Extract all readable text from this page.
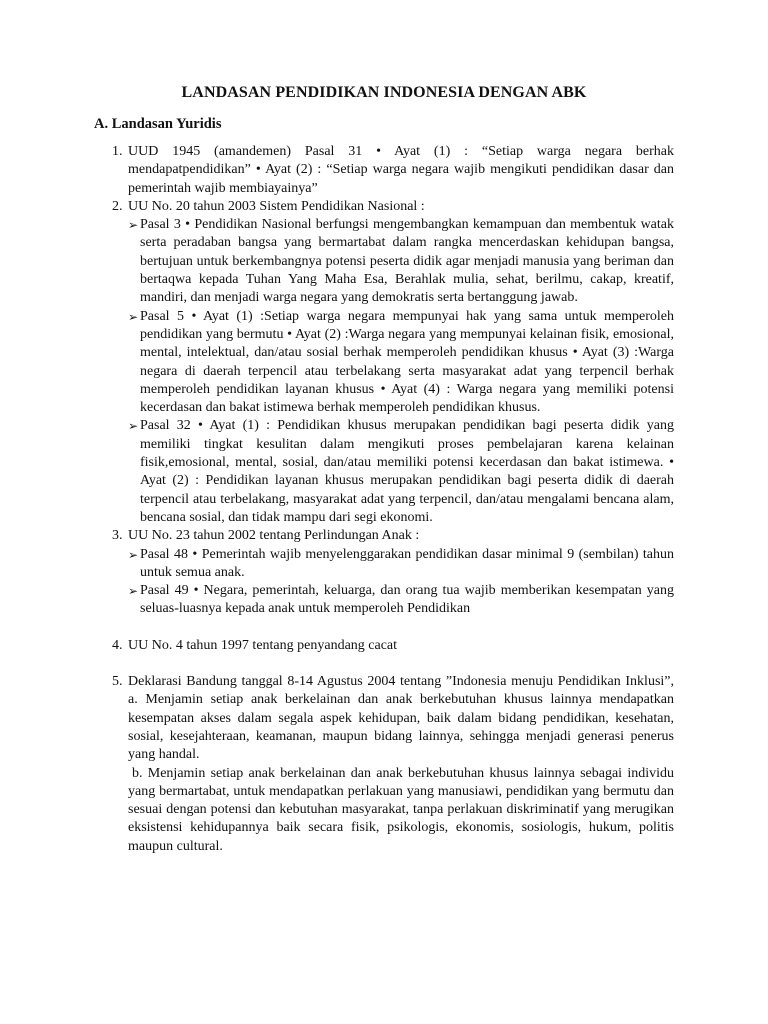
LANDASAN PENDIDIKAN INDONESIA DENGAN ABK
A. Landasan Yuridis
1. UUD 1945 (amandemen) Pasal 31 • Ayat (1) : “Setiap warga negara berhak mendapatpendidikan” • Ayat (2) : “Setiap warga negara wajib mengikuti pendidikan dasar dan pemerintah wajib membiayainya”
2. UU No. 20 tahun 2003 Sistem Pendidikan Nasional :
➢ Pasal 3 • Pendidikan Nasional berfungsi mengembangkan kemampuan dan membentuk watak serta peradaban bangsa yang bermartabat dalam rangka mencerdaskan kehidupan bangsa, bertujuan untuk berkembangnya potensi peserta didik agar menjadi manusia yang beriman dan bertaqwa kepada Tuhan Yang Maha Esa, Berahlak mulia, sehat, berilmu, cakap, kreatif, mandiri, dan menjadi warga negara yang demokratis serta bertanggung jawab.
➢ Pasal 5 • Ayat (1) :Setiap warga negara mempunyai hak yang sama untuk memperoleh pendidikan yang bermutu • Ayat (2) :Warga negara yang mempunyai kelainan fisik, emosional, mental, intelektual, dan/atau sosial berhak memperoleh pendidikan khusus • Ayat (3) :Warga negara di daerah terpencil atau terbelakang serta masyarakat adat yang terpencil berhak memperoleh pendidikan layanan khusus • Ayat (4) : Warga negara yang memiliki potensi kecerdasan dan bakat istimewa berhak memperoleh pendidikan khusus.
➢ Pasal 32 • Ayat (1) : Pendidikan khusus merupakan pendidikan bagi peserta didik yang memiliki tingkat kesulitan dalam mengikuti proses pembelajaran karena kelainan fisik,emosional, mental, sosial, dan/atau memiliki potensi kecerdasan dan bakat istimewa. • Ayat (2) : Pendidikan layanan khusus merupakan pendidikan bagi peserta didik di daerah terpencil atau terbelakang, masyarakat adat yang terpencil, dan/atau mengalami bencana alam, bencana sosial, dan tidak mampu dari segi ekonomi.
3. UU No. 23 tahun 2002 tentang Perlindungan Anak :
➢ Pasal 48 • Pemerintah wajib menyelenggarakan pendidikan dasar minimal 9 (sembilan) tahun untuk semua anak.
➢ Pasal 49 • Negara, pemerintah, keluarga, dan orang tua wajib memberikan kesempatan yang seluas-luasnya kepada anak untuk memperoleh Pendidikan
4. UU No. 4 tahun 1997 tentang penyandang cacat
5. Deklarasi Bandung tanggal 8-14 Agustus 2004 tentang ”Indonesia menuju Pendidikan Inklusi”, a. Menjamin setiap anak berkelainan dan anak berkebutuhan khusus lainnya mendapatkan kesempatan akses dalam segala aspek kehidupan, baik dalam bidang pendidikan, kesehatan, sosial, kesejahteraan, keamanan, maupun bidang lainnya, sehingga menjadi generasi penerus yang handal.
b. Menjamin setiap anak berkelainan dan anak berkebutuhan khusus lainnya sebagai individu yang bermartabat, untuk mendapatkan perlakuan yang manusiawi, pendidikan yang bermutu dan sesuai dengan potensi dan kebutuhan masyarakat, tanpa perlakuan diskriminatif yang merugikan eksistensi kehidupannya baik secara fisik, psikologis, ekonomis, sosiologis, hukum, politis maupun cultural.
